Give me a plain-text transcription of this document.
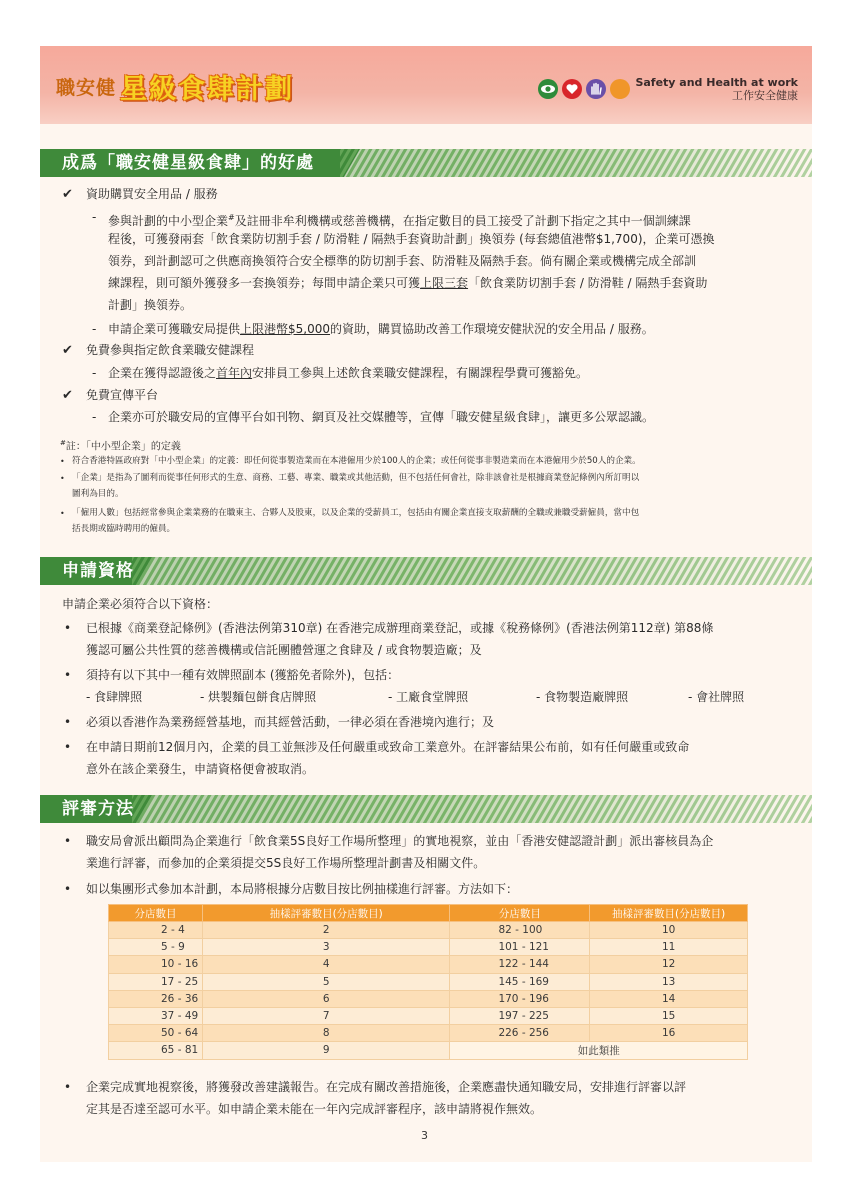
職安健 星級食肆計劃	Safety and Health at work
工作安全健康
成爲「職安健星級食肆」的好處
✔ 資助購買安全用品 / 服務
- 參與計劃的中小型企業#及註冊非牟利機構或慈善機構，在指定數目的員工接受了計劃下指定之其中一個訓練課
程後，可獲發兩套「飲食業防切割手套 / 防滑鞋 / 隔熱手套資助計劃」換領券 (每套總值港幣$1,700)，企業可憑換
領券，到計劃認可之供應商換領符合安全標準的防切割手套、防滑鞋及隔熱手套。倘有關企業或機構完成全部訓
練課程，則可額外獲發多一套換領券；每間申請企業只可獲上限三套「飲食業防切割手套 / 防滑鞋 / 隔熱手套資助
計劃」換領券。
- 申請企業可獲職安局提供上限港幣$5,000的資助，購買協助改善工作環境安健狀況的安全用品 / 服務。
✔ 免費參與指定飲食業職安健課程
- 企業在獲得認證後之首年內安排員工參與上述飲食業職安健課程，有關課程學費可獲豁免。
✔ 免費宣傳平台
- 企業亦可於職安局的宣傳平台如刊物、網頁及社交媒體等，宣傳「職安健星級食肆」，讓更多公眾認識。
#註：「中小型企業」的定義
• 符合香港特區政府對「中小型企業」的定義：即任何從事製造業而在本港僱用少於100人的企業；或任何從事非製造業而在本港僱用少於50人的企業。
• 「企業」是指為了圖利而從事任何形式的生意、商務、工藝、專業、職業或其他活動，但不包括任何會社，除非該會社是根據商業登記條例內所訂明以
圖利為目的。
• 「僱用人數」包括經常參與企業業務的在職東主、合夥人及股東，以及企業的受薪員工，包括由有關企業直接支取薪酬的全職或兼職受薪僱員，當中包
括長期或臨時聘用的僱員。
申請資格
申請企業必須符合以下資格：
• 已根據《商業登記條例》(香港法例第310章) 在香港完成辦理商業登記，或據《稅務條例》(香港法例第112章) 第88條
獲認可屬公共性質的慈善機構或信託團體營運之食肆及 / 或食物製造廠；及
• 須持有以下其中一種有效牌照副本 (獲豁免者除外)，包括：
- 食肆牌照	- 烘製麵包餅食店牌照	- 工廠食堂牌照	- 食物製造廠牌照	- 會社牌照
• 必須以香港作為業務經營基地，而其經營活動，一律必須在香港境內進行；及
• 在申請日期前12個月內，企業的員工並無涉及任何嚴重或致命工業意外。在評審結果公布前，如有任何嚴重或致命
意外在該企業發生，申請資格便會被取消。
評審方法
• 職安局會派出顧問為企業進行「飲食業5S良好工作場所整理」的實地視察，並由「香港安健認證計劃」派出審核員為企
業進行評審，而參加的企業須提交5S良好工作場所整理計劃書及相關文件。
• 如以集團形式參加本計劃，本局將根據分店數目按比例抽樣進行評審。方法如下：
分店數目	抽樣評審數目(分店數目)	分店數目	抽樣評審數目(分店數目)
2 - 4	2	82 - 100	10
5 - 9	3	101 - 121	11
10 - 16	4	122 - 144	12
17 - 25	5	145 - 169	13
26 - 36	6	170 - 196	14
37 - 49	7	197 - 225	15
50 - 64	8	226 - 256	16
65 - 81	9	如此類推	
• 企業完成實地視察後，將獲發改善建議報告。在完成有關改善措施後，企業應盡快通知職安局，安排進行評審以評
定其是否達至認可水平。如申請企業未能在一年內完成評審程序，該申請將視作無效。
3
